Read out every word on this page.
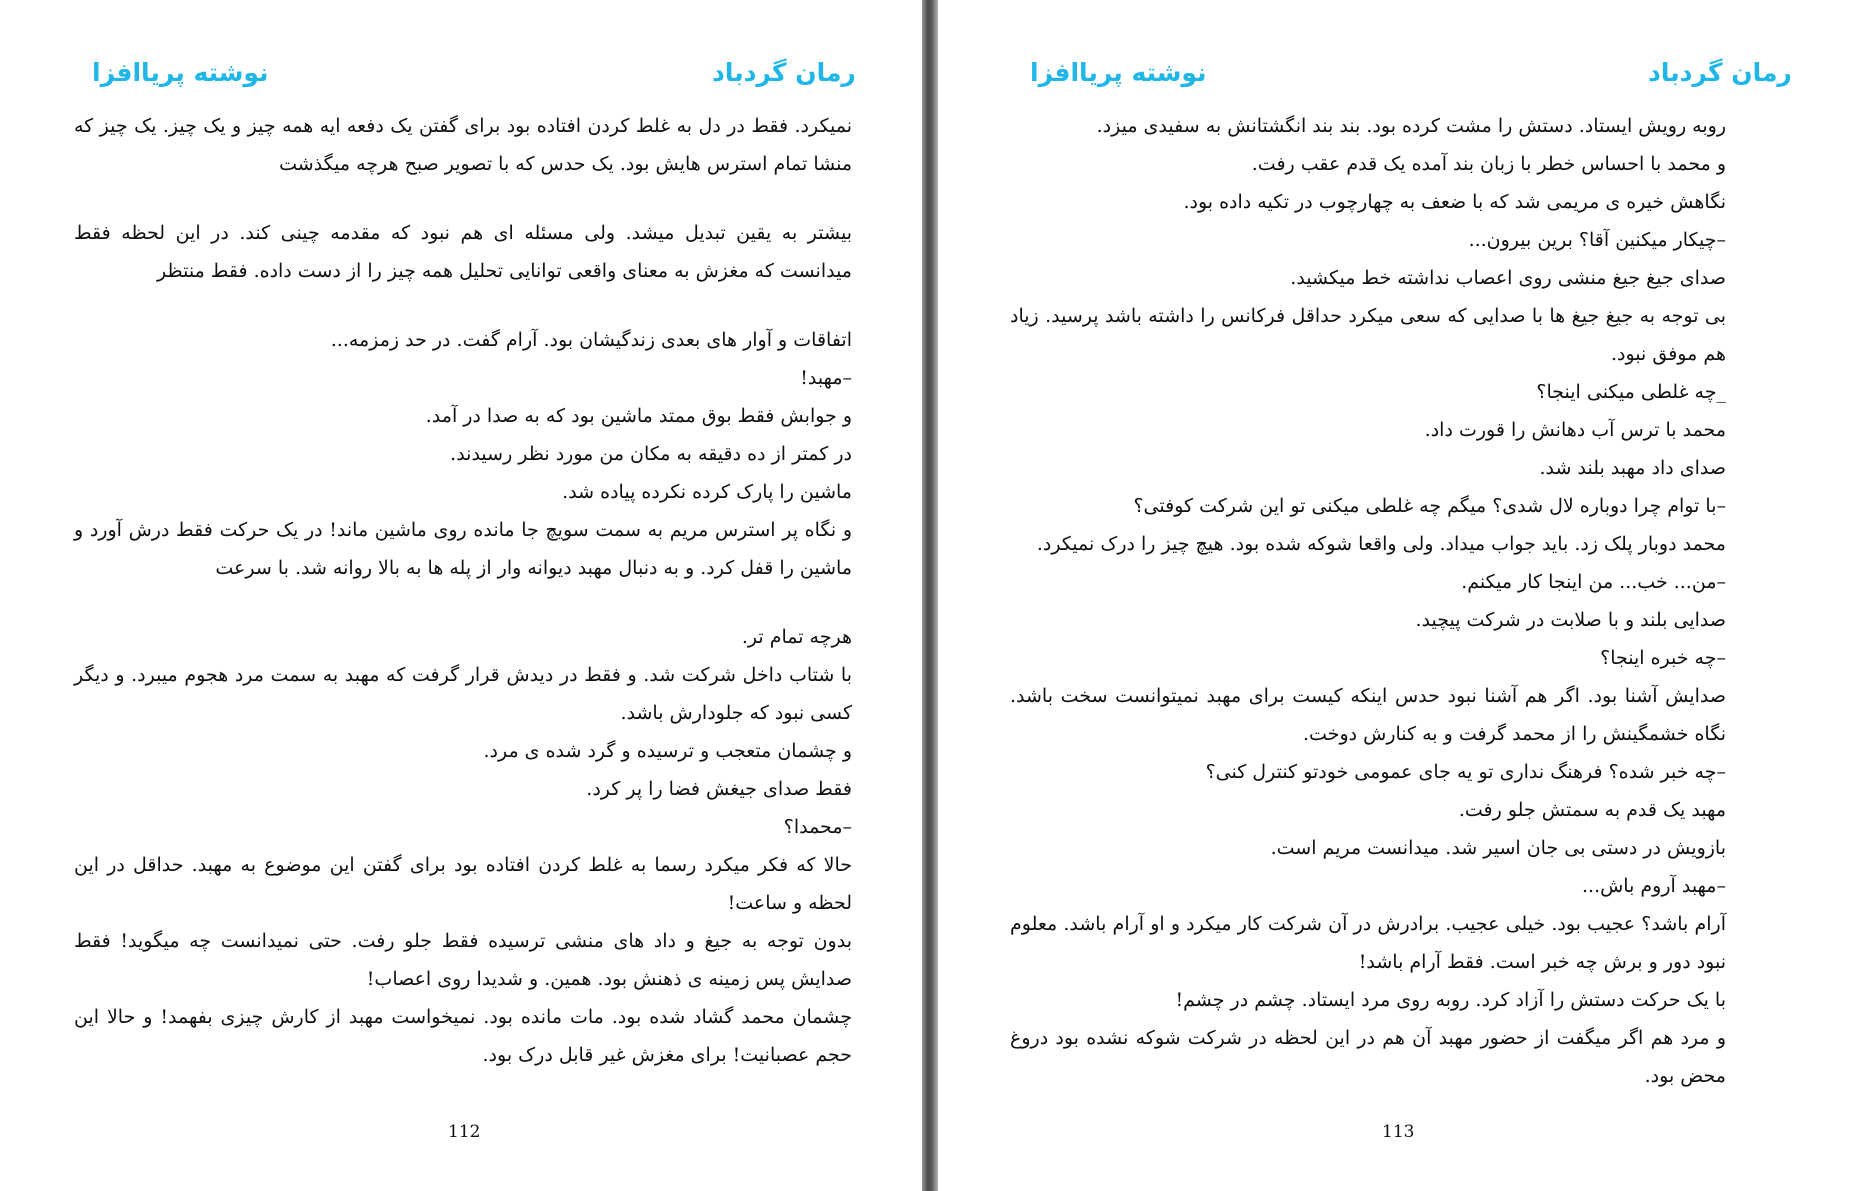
رمان گردباد
نوشته پریاافزا

نمیکرد. فقط در دل به غلط کردن افتاده بود برای گفتن یک دفعه ایه همه چیز و یک چیز. یک چیز که منشا تمام استرس هایش بود. یک حدس که با تصویر صبح هرچه میگذشت

بیشتر به یقین تبدیل میشد. ولی مسئله ای هم نبود که مقدمه چینی کند. در این لحظه فقط میدانست که مغزش به معنای واقعی توانایی تحلیل همه چیز را از دست داده. فقط منتظر

اتفاقات و آوار های بعدی زندگیشان بود. آرام گفت. در حد زمزمه...

–مهبد!

و جوابش فقط بوق ممتد ماشین بود که به صدا در آمد.

در کمتر از ده دقیقه به مکان من مورد نظر رسیدند.

ماشین را پارک کرده نکرده پیاده شد.

و نگاه پر استرس مریم به سمت سویچ جا مانده روی ماشین ماند! در یک حرکت فقط درش آورد و ماشین را قفل کرد. و به دنبال مهبد دیوانه وار از پله ها به بالا روانه شد. با سرعت

هرچه تمام تر.

با شتاب داخل شرکت شد. و فقط در دیدش قرار گرفت که مهبد به سمت مرد هجوم میبرد. و دیگر کسی نبود که جلودارش باشد.

و چشمان متعجب و ترسیده و گرد شده ی مرد.

فقط صدای جیغش فضا را پر کرد.

–محمدا؟

حالا که فکر میکرد رسما به غلط کردن افتاده بود برای گفتن این موضوع به مهبد. حداقل در این لحظه و ساعت!

بدون توجه به جیغ و داد های منشی ترسیده فقط جلو رفت. حتی نمیدانست چه میگوید! فقط صدایش پس زمینه ی ذهنش بود. همین. و شدیدا روی اعصاب!

چشمان محمد گشاد شده بود. مات مانده بود. نمیخواست مهبد از کارش چیزی بفهمد! و حالا این حجم عصبانیت! برای مغزش غیر قابل درک بود.

112
رمان گردباد
نوشته پریاافزا

روبه رویش ایستاد. دستش را مشت کرده بود. بند بند انگشتانش به سفیدی میزد.

و محمد با احساس خطر با زبان بند آمده یک قدم عقب رفت.

نگاهش خیره ی مریمی شد که با ضعف به چهارچوب در تکیه داده بود.

–چیکار میکنین آقا؟ برین بیرون...

صدای جیغ جیغ منشی روی اعصاب نداشته خط میکشید.

بی توجه به جیغ جیغ ها با صدایی که سعی میکرد حداقل فرکانس را داشته باشد پرسید. زیاد هم موفق نبود.

_چه غلطی میکنی اینجا؟

محمد با ترس آب دهانش را قورت داد.

صدای داد مهبد بلند شد.

–با توام چرا دوباره لال شدی؟ میگم چه غلطی میکنی تو این شرکت کوفتی؟

محمد دوبار پلک زد. باید جواب میداد. ولی واقعا شوکه شده بود. هیچ چیز را درک نمیکرد.

–من... خب... من اینجا کار میکنم.

صدایی بلند و با صلابت در شرکت پیچید.

–چه خبره اینجا؟

صدایش آشنا بود. اگر هم آشنا نبود حدس اینکه کیست برای مهبد نمیتوانست سخت باشد. نگاه خشمگینش را از محمد گرفت و به کنارش دوخت.

–چه خبر شده؟ فرهنگ نداری تو یه جای عمومی خودتو کنترل کنی؟

مهبد یک قدم به سمتش جلو رفت.

بازویش در دستی بی جان اسیر شد. میدانست مریم است.

–مهبد آروم باش...

آرام باشد؟ عجیب بود. خیلی عجیب. برادرش در آن شرکت کار میکرد و او آرام باشد. معلوم نبود دور و برش چه خبر است. فقط آرام باشد!

با یک حرکت دستش را آزاد کرد. روبه روی مرد ایستاد. چشم در چشم!

و مرد هم اگر میگفت از حضور مهبد آن هم در این لحظه در شرکت شوکه نشده بود دروغ محض بود.

113
